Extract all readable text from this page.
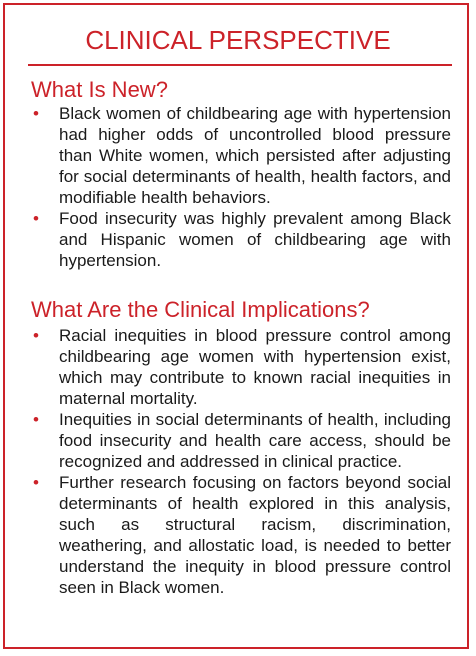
CLINICAL PERSPECTIVE
What Is New?
• Black women of childbearing age with hypertension had higher odds of uncontrolled blood pressure than White women, which persisted after adjusting for social determinants of health, health factors, and modifiable health behaviors.
• Food insecurity was highly prevalent among Black and Hispanic women of childbearing age with hypertension.
What Are the Clinical Implications?
• Racial inequities in blood pressure control among childbearing age women with hypertension exist, which may contribute to known racial inequities in maternal mortality.
• Inequities in social determinants of health, including food insecurity and health care access, should be recognized and addressed in clinical practice.
• Further research focusing on factors beyond social determinants of health explored in this analysis, such as structural racism, discrimination, weathering, and allostatic load, is needed to better understand the inequity in blood pressure control seen in Black women.
